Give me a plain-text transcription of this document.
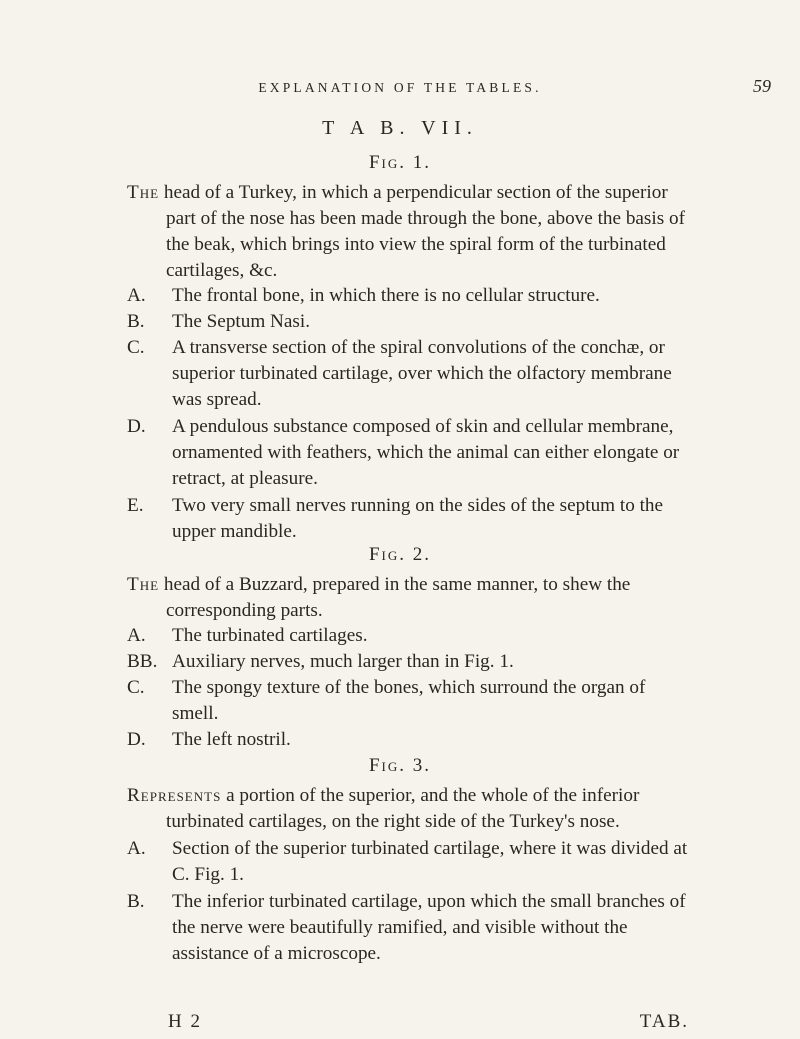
EXPLANATION OF THE TABLES.	59
T A B. VII.
Fig. 1.
The head of a Turkey, in which a perpendicular section of the superior part of the nose has been made through the bone, above the basis of the beak, which brings into view the spiral form of the turbinated cartilages, &c.
A.	The frontal bone, in which there is no cellular structure.
B.	The Septum Nasi.
C.	A transverse section of the spiral convolutions of the conchæ, or superior turbinated cartilage, over which the olfactory membrane was spread.
D.	A pendulous substance composed of skin and cellular membrane, ornamented with feathers, which the animal can either elongate or retract, at pleasure.
E.	Two very small nerves running on the sides of the septum to the upper mandible.
Fig. 2.
The head of a Buzzard, prepared in the same manner, to shew the corresponding parts.
A.	The turbinated cartilages.
BB. Auxiliary nerves, much larger than in Fig. 1.
C.	The spongy texture of the bones, which surround the organ of smell.
D.	The left nostril.
Fig. 3.
Represents a portion of the superior, and the whole of the inferior turbinated cartilages, on the right side of the Turkey's nose.
A.	Section of the superior turbinated cartilage, where it was divided at C. Fig. 1.
B.	The inferior turbinated cartilage, upon which the small branches of the nerve were beautifully ramified, and visible without the assistance of a microscope.
H 2	TAB.
